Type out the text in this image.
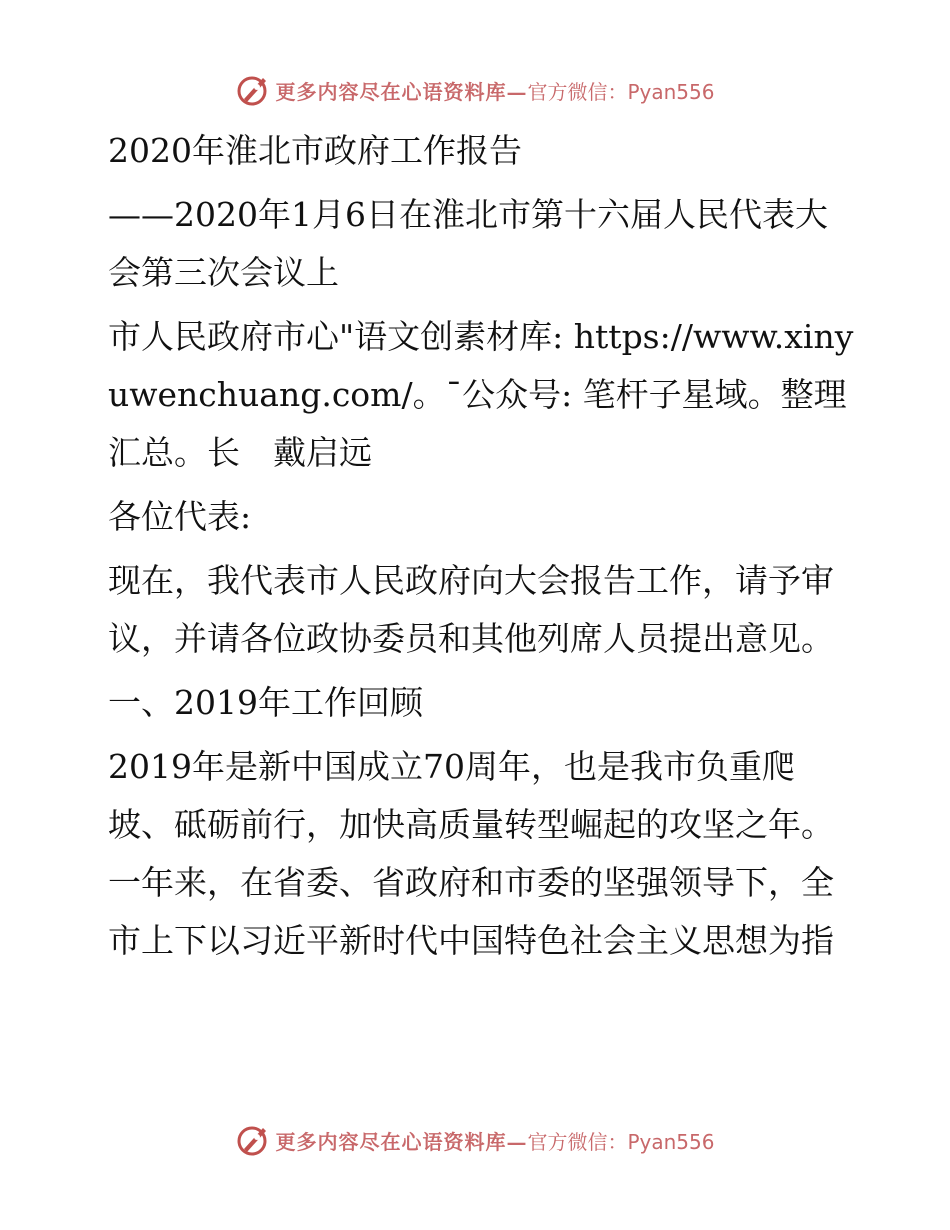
更多内容尽在心语资料库— 官方微信：Pyan556

2020年淮北市政府工作报告

——2020年1月6日在淮北市第十六届人民代表大会第三次会议上

市人民政府市心"语文创素材库: https://www.xinyuwenchuang.com/。¯公众号: 笔杆子星域。整理汇总。长　戴启远

各位代表:

现在，我代表市人民政府向大会报告工作，请予审议，并请各位政协委员和其他列席人员提出意见。

一、2019年工作回顾

2019年是新中国成立70周年，也是我市负重爬坡、砥砺前行，加快高质量转型崛起的攻坚之年。一年来，在省委、省政府和市委的坚强领导下，全市上下以习近平新时代中国特色社会主义思想为指

更多内容尽在心语资料库— 官方微信：Pyan556
